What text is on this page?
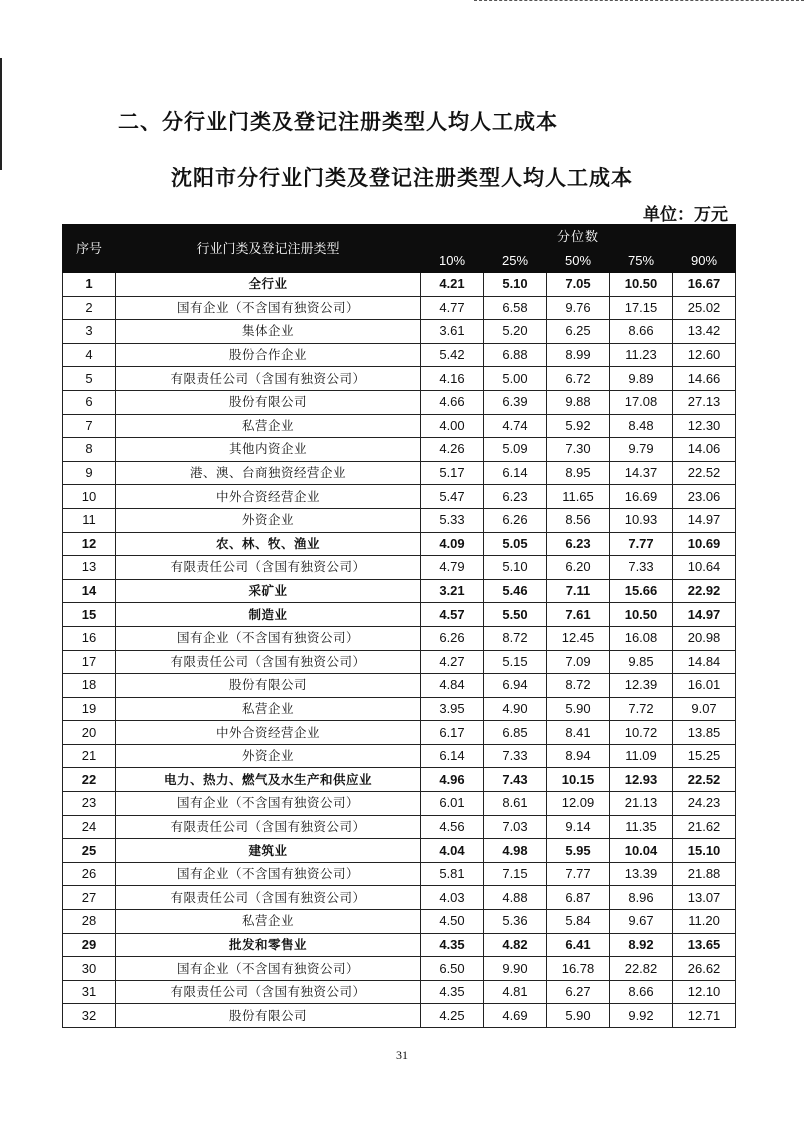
二、分行业门类及登记注册类型人均人工成本
沈阳市分行业门类及登记注册类型人均人工成本
单位：万元
序号	行业门类及登记注册类型	分位数				
		10%	25%	50%	75%	90%
1	全行业	4.21	5.10	7.05	10.50	16.67
2	国有企业（不含国有独资公司）	4.77	6.58	9.76	17.15	25.02
3	集体企业	3.61	5.20	6.25	8.66	13.42
4	股份合作企业	5.42	6.88	8.99	11.23	12.60
5	有限责任公司（含国有独资公司）	4.16	5.00	6.72	9.89	14.66
6	股份有限公司	4.66	6.39	9.88	17.08	27.13
7	私营企业	4.00	4.74	5.92	8.48	12.30
8	其他内资企业	4.26	5.09	7.30	9.79	14.06
9	港、澳、台商独资经营企业	5.17	6.14	8.95	14.37	22.52
10	中外合资经营企业	5.47	6.23	11.65	16.69	23.06
11	外资企业	5.33	6.26	8.56	10.93	14.97
12	农、林、牧、渔业	4.09	5.05	6.23	7.77	10.69
13	有限责任公司（含国有独资公司）	4.79	5.10	6.20	7.33	10.64
14	采矿业	3.21	5.46	7.11	15.66	22.92
15	制造业	4.57	5.50	7.61	10.50	14.97
16	国有企业（不含国有独资公司）	6.26	8.72	12.45	16.08	20.98
17	有限责任公司（含国有独资公司）	4.27	5.15	7.09	9.85	14.84
18	股份有限公司	4.84	6.94	8.72	12.39	16.01
19	私营企业	3.95	4.90	5.90	7.72	9.07
20	中外合资经营企业	6.17	6.85	8.41	10.72	13.85
21	外资企业	6.14	7.33	8.94	11.09	15.25
22	电力、热力、燃气及水生产和供应业	4.96	7.43	10.15	12.93	22.52
23	国有企业（不含国有独资公司）	6.01	8.61	12.09	21.13	24.23
24	有限责任公司（含国有独资公司）	4.56	7.03	9.14	11.35	21.62
25	建筑业	4.04	4.98	5.95	10.04	15.10
26	国有企业（不含国有独资公司）	5.81	7.15	7.77	13.39	21.88
27	有限责任公司（含国有独资公司）	4.03	4.88	6.87	8.96	13.07
28	私营企业	4.50	5.36	5.84	9.67	11.20
29	批发和零售业	4.35	4.82	6.41	8.92	13.65
30	国有企业（不含国有独资公司）	6.50	9.90	16.78	22.82	26.62
31	有限责任公司（含国有独资公司）	4.35	4.81	6.27	8.66	12.10
32	股份有限公司	4.25	4.69	5.90	9.92	12.71
31
